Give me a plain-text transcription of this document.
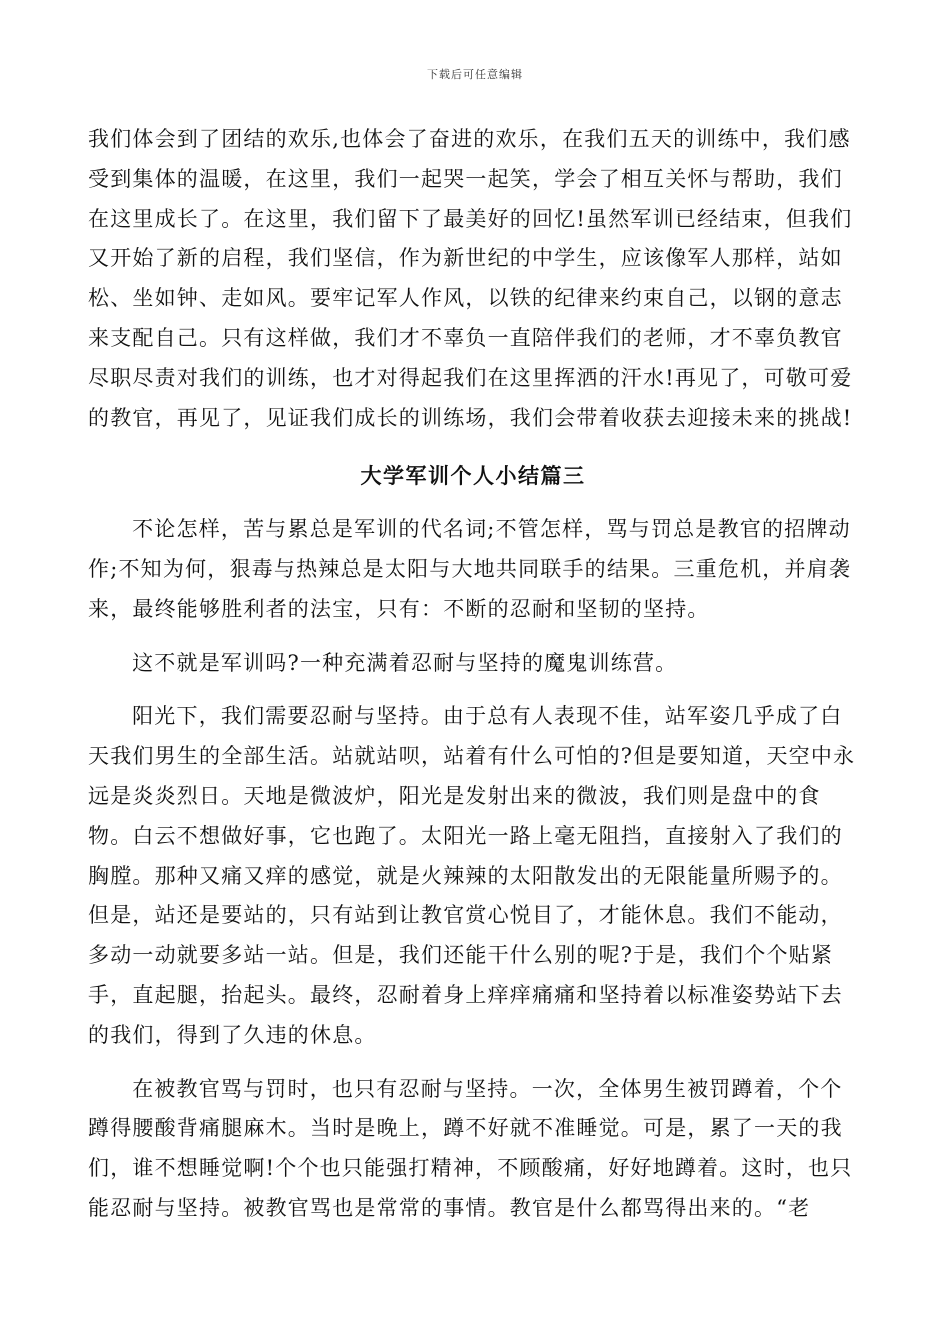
下载后可任意编辑

我们体会到了团结的欢乐,也体会了奋进的欢乐，在我们五天的训练中，我们感受到集体的温暖，在这里，我们一起哭一起笑，学会了相互关怀与帮助，我们在这里成长了。在这里，我们留下了最美好的回忆!虽然军训已经结束，但我们又开始了新的启程，我们坚信，作为新世纪的中学生，应该像军人那样，站如松、坐如钟、走如风。要牢记军人作风，以铁的纪律来约束自己，以钢的意志来支配自己。只有这样做，我们才不辜负一直陪伴我们的老师，才不辜负教官尽职尽责对我们的训练，也才对得起我们在这里挥洒的汗水!再见了，可敬可爱的教官，再见了，见证我们成长的训练场，我们会带着收获去迎接未来的挑战!

大学军训个人小结篇三

不论怎样，苦与累总是军训的代名词;不管怎样，骂与罚总是教官的招牌动作;不知为何，狠毒与热辣总是太阳与大地共同联手的结果。三重危机，并肩袭来，最终能够胜利者的法宝，只有：不断的忍耐和坚韧的坚持。

这不就是军训吗?一种充满着忍耐与坚持的魔鬼训练营。

阳光下，我们需要忍耐与坚持。由于总有人表现不佳，站军姿几乎成了白天我们男生的全部生活。站就站呗，站着有什么可怕的?但是要知道，天空中永远是炎炎烈日。天地是微波炉，阳光是发射出来的微波，我们则是盘中的食物。白云不想做好事，它也跑了。太阳光一路上毫无阻挡，直接射入了我们的胸膛。那种又痛又痒的感觉，就是火辣辣的太阳散发出的无限能量所赐予的。但是，站还是要站的，只有站到让教官赏心悦目了，才能休息。我们不能动，多动一动就要多站一站。但是，我们还能干什么别的呢?于是，我们个个贴紧手，直起腿，抬起头。最终，忍耐着身上痒痒痛痛和坚持着以标准姿势站下去的我们，得到了久违的休息。

在被教官骂与罚时，也只有忍耐与坚持。一次，全体男生被罚蹲着，个个蹲得腰酸背痛腿麻木。当时是晚上，蹲不好就不准睡觉。可是，累了一天的我们，谁不想睡觉啊!个个也只能强打精神，不顾酸痛，好好地蹲着。这时，也只能忍耐与坚持。被教官骂也是常常的事情。教官是什么都骂得出来的。“老
